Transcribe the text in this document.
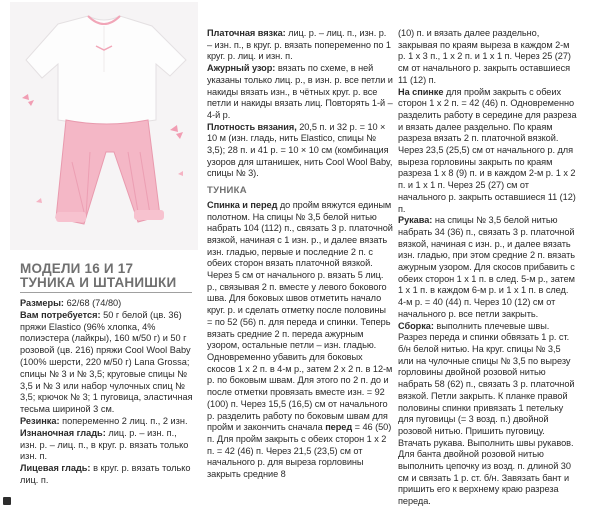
МОДЕЛИ 16 И 17
ТУНИКА И ШТАНИШКИ

Размеры: 62/68 (74/80)

Вам потребуется: 50 г белой (цв. 36) пряжи Elastico (96% хлопка, 4% полиэстера (лайкры), 160 м/50 г) и 50 г розовой (цв. 216) пряжи Cool Wool Baby (100% шерсти, 220 м/50 г) Lana Grossa; спицы № 3 и № 3,5; круговые спицы № 3,5 и № 3 или набор чулочных спиц № 3,5; крючок № 3; 1 пуговица, эластичная тесьма шириной 3 см.

Резинка: попеременно 2 лиц. п., 2 изн.

Изнаночная гладь: лиц. р. – изн. п., изн. р. – лиц. п., в круг. р. вязать только изн. п.

Лицевая гладь: в круг. р. вязать только лиц. п.

Платочная вязка: лиц. р. – лиц. п., изн. р. – изн. п., в круг. р. вязать попеременно по 1 круг. р. лиц. и изн. п.

Ажурный узор: вязать по схеме, в ней указаны только лиц. р., в изн. р. все петли и накиды вязать изн., в чётных круг. р. все петли и накиды вязать лиц. Повторять 1-й – 4-й р.

Плотность вязания, 20,5 п. и 32 р. = 10 × 10 м (изн. гладь, нить Elastico, спицы № 3,5); 28 п. и 41 р. = 10 × 10 см (комбинация узоров для штанишек, нить Cool Wool Baby, спицы № 3).

ТУНИКА

Спинка и перед до пройм вяжутся единым полотном. На спицы № 3,5 белой нитью набрать 104 (112) п., связать 3 р. платочной вязкой, начиная с 1 изн. р., и далее вязать изн. гладью, первые и последние 2 п. с обеих сторон вязать платочной вязкой. Через 5 см от начального р. вязать 5 лиц. р., связывая 2 п. вместе у левого бокового шва. Для боковых швов отметить начало круг. р. и сделать отметку после половины = по 52 (56) п. для переда и спинки. Теперь вязать средние 2 п. переда ажурным узором, остальные петли – изн. гладью. Одновременно убавить для боковых скосов 1 х 2 п. в 4-м р., затем 2 х 2 п. в 12-м р. по боковым швам. Для этого по 2 п. до и после отметки провязать вместе изн. = 92 (100) п. Через 15,5 (16,5) см от начального р. разделить работу по боковым швам для пройм и закончить сначала перед = 46 (50) п. Для пройм закрыть с обеих сторон 1 х 2 п. = 42 (46) п. Через 21,5 (23,5) см от начального р. для выреза горловины закрыть средние 8

(10) п. и вязать далее раздельно, закрывая по краям выреза в каждом 2-м р. 1 х 3 п., 1 х 2 п. и 1 х 1 п. Через 25 (27) см от начального р. закрыть оставшиеся 11 (12) п.

На спинке для пройм закрыть с обеих сторон 1 х 2 п. = 42 (46) п. Одновременно разделить работу в середине для разреза и вязать далее раздельно. По краям разреза вязать 2 п. платочной вязкой. Через 23,5 (25,5) см от начального р. для выреза горловины закрыть по краям разреза 1 х 8 (9) п. и в каждом 2-м р. 1 х 2 п. и 1 х 1 п. Через 25 (27) см от начального р. закрыть оставшиеся 11 (12) п.

Рукава: на спицы № 3,5 белой нитью набрать 34 (36) п., связать 3 р. платочной вязкой, начиная с изн. р., и далее вязать изн. гладью, при этом средние 2 п. вязать ажурным узором. Для скосов прибавить с обеих сторон 1 х 1 п. в след. 5-м р., затем 1 х 1 п. в каждом 6-м р. и 1 х 1 п. в след. 4-м р. = 40 (44) п. Через 10 (12) см от начального р. все петли закрыть.

Сборка: выполнить плечевые швы. Разрез переда и спинки обвязать 1 р. ст. б/н белой нитью. На круг. спицы № 3,5 или на чулочные спицы № 3,5 по вырезу горловины двойной розовой нитью набрать 58 (62) п., связать 3 р. платочной вязкой. Петли закрыть. К планке правой половины спинки привязать 1 петельку для пуговицы (= 3 возд. п.) двойной розовой нитью. Пришить пуговицу. Втачать рукава. Выполнить швы рукавов. Для банта двойной розовой нитью выполнить цепочку из возд. п. длиной 30 см и связать 1 р. ст. б/н. Завязать бант и пришить его к верхнему краю разреза переда.
